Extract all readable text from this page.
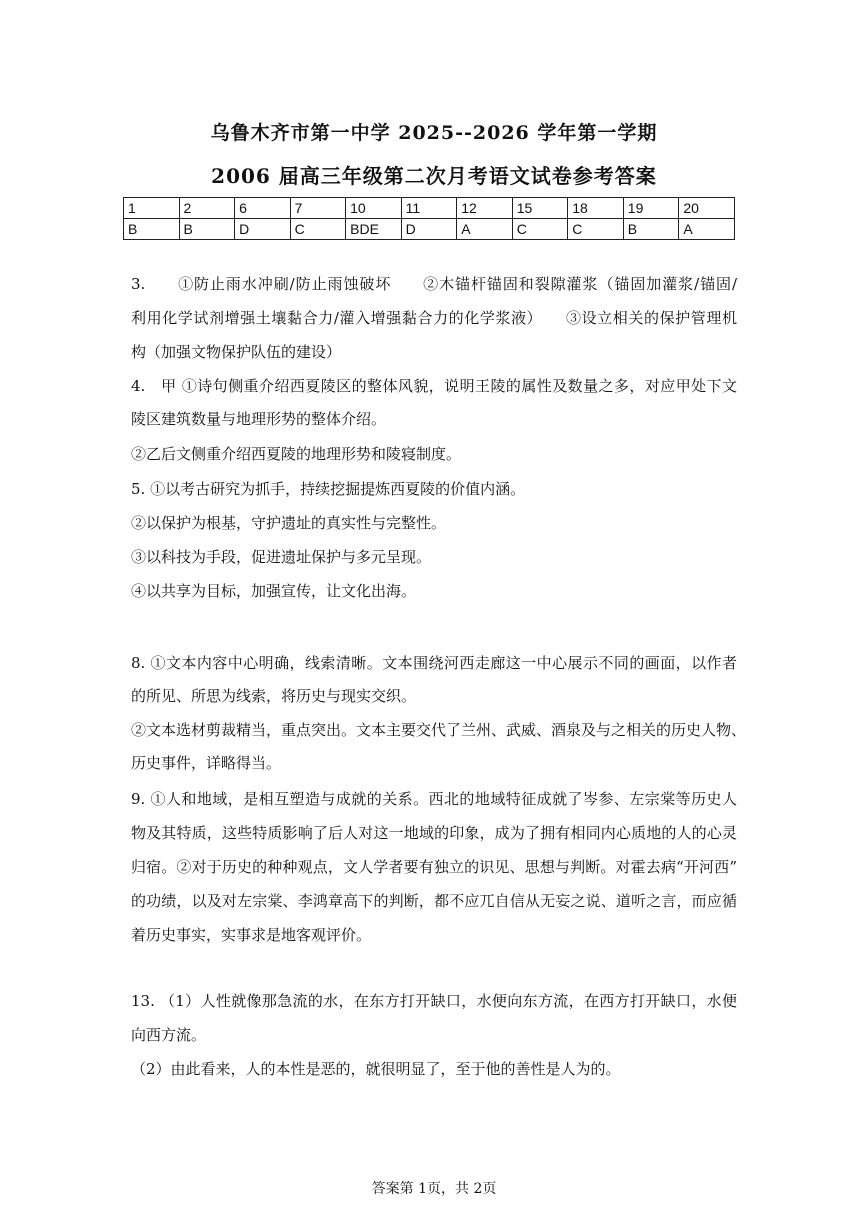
乌鲁木齐市第一中学 2025--2026 学年第一学期
2006 届高三年级第二次月考语文试卷参考答案
1	2	6	7	10	11	12	15	18	19	20
B	B	D	C	BDE	D	A	C	C	B	A
3.　　①防止雨水冲刷/防止雨蚀破坏　　②木锚杆锚固和裂隙灌浆（锚固加灌浆/锚固/
利用化学试剂增强土壤黏合力/灌入增强黏合力的化学浆液）　　③设立相关的保护管理机
构（加强文物保护队伍的建设）
4.　甲 ①诗句侧重介绍西夏陵区的整体风貌，说明王陵的属性及数量之多，对应甲处下文
陵区建筑数量与地理形势的整体介绍。
②乙后文侧重介绍西夏陵的地理形势和陵寝制度。
5. ①以考古研究为抓手，持续挖掘提炼西夏陵的价值内涵。
②以保护为根基，守护遗址的真实性与完整性。
③以科技为手段，促进遗址保护与多元呈现。
④以共享为目标，加强宣传，让文化出海。
8. ①文本内容中心明确，线索清晰。文本围绕河西走廊这一中心展示不同的画面，以作者
的所见、所思为线索，将历史与现实交织。
②文本选材剪裁精当，重点突出。文本主要交代了兰州、武威、酒泉及与之相关的历史人物、
历史事件，详略得当。
9. ①人和地域，是相互塑造与成就的关系。西北的地域特征成就了岑参、左宗棠等历史人
物及其特质，这些特质影响了后人对这一地域的印象，成为了拥有相同内心质地的人的心灵
归宿。②对于历史的种种观点，文人学者要有独立的识见、思想与判断。对霍去病“开河西”
的功绩，以及对左宗棠、李鸿章高下的判断，都不应兀自信从无妄之说、道听之言，而应循
着历史事实，实事求是地客观评价。
13. （1）人性就像那急流的水，在东方打开缺口，水便向东方流，在西方打开缺口，水便
向西方流。
（2）由此看来，人的本性是恶的，就很明显了，至于他的善性是人为的。
答案第 1页，共 2页
